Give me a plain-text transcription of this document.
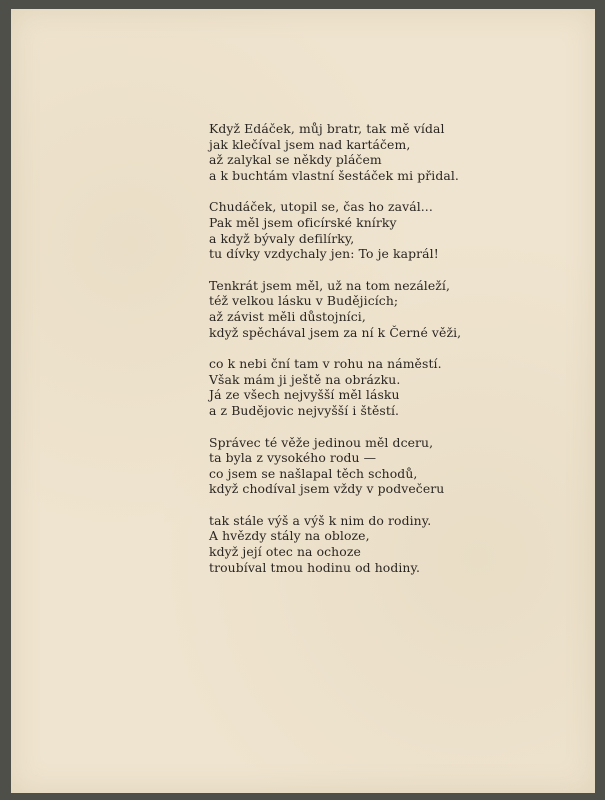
Když Edáček, můj bratr, tak mě vídal
jak klečíval jsem nad kartáčem,
až zalykal se někdy pláčem
a k buchtám vlastní šestáček mi přidal.
Chudáček, utopil se, čas ho zavál...
Pak měl jsem oficírské knírky
a když bývaly defilírky,
tu dívky vzdychaly jen: To je kaprál!
Tenkrát jsem měl, už na tom nezáleží,
též velkou lásku v Budějicích;
až závist měli důstojníci,
když spěchával jsem za ní k Černé věži,
co k nebi ční tam v rohu na náměstí.
Však mám ji ještě na obrázku.
Já ze všech nejvyšší měl lásku
a z Budějovic nejvyšší i štěstí.
Správec té věže jedinou měl dceru,
ta byla z vysokého rodu —
co jsem se našlapal těch schodů,
když chodíval jsem vždy v podvečeru
tak stále výš a výš k nim do rodiny.
A hvězdy stály na obloze,
když její otec na ochoze
troubíval tmou hodinu od hodiny.
